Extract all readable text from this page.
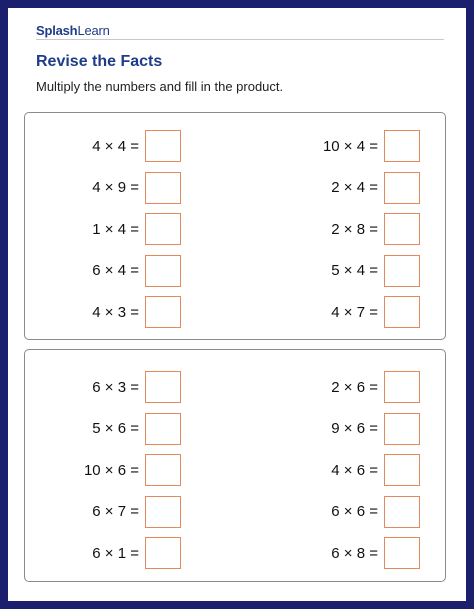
SplashLearn
Revise the Facts
Multiply the numbers and fill in the product.
4 × 4 =
4 × 9 =
1 × 4 =
6 × 4 =
4 × 3 =
10 × 4 =
2 × 4 =
2 × 8 =
5 × 4 =
4 × 7 =
6 × 3 =
5 × 6 =
10 × 6 =
6 × 7 =
6 × 1 =
2 × 6 =
9 × 6 =
4 × 6 =
6 × 6 =
6 × 8 =
